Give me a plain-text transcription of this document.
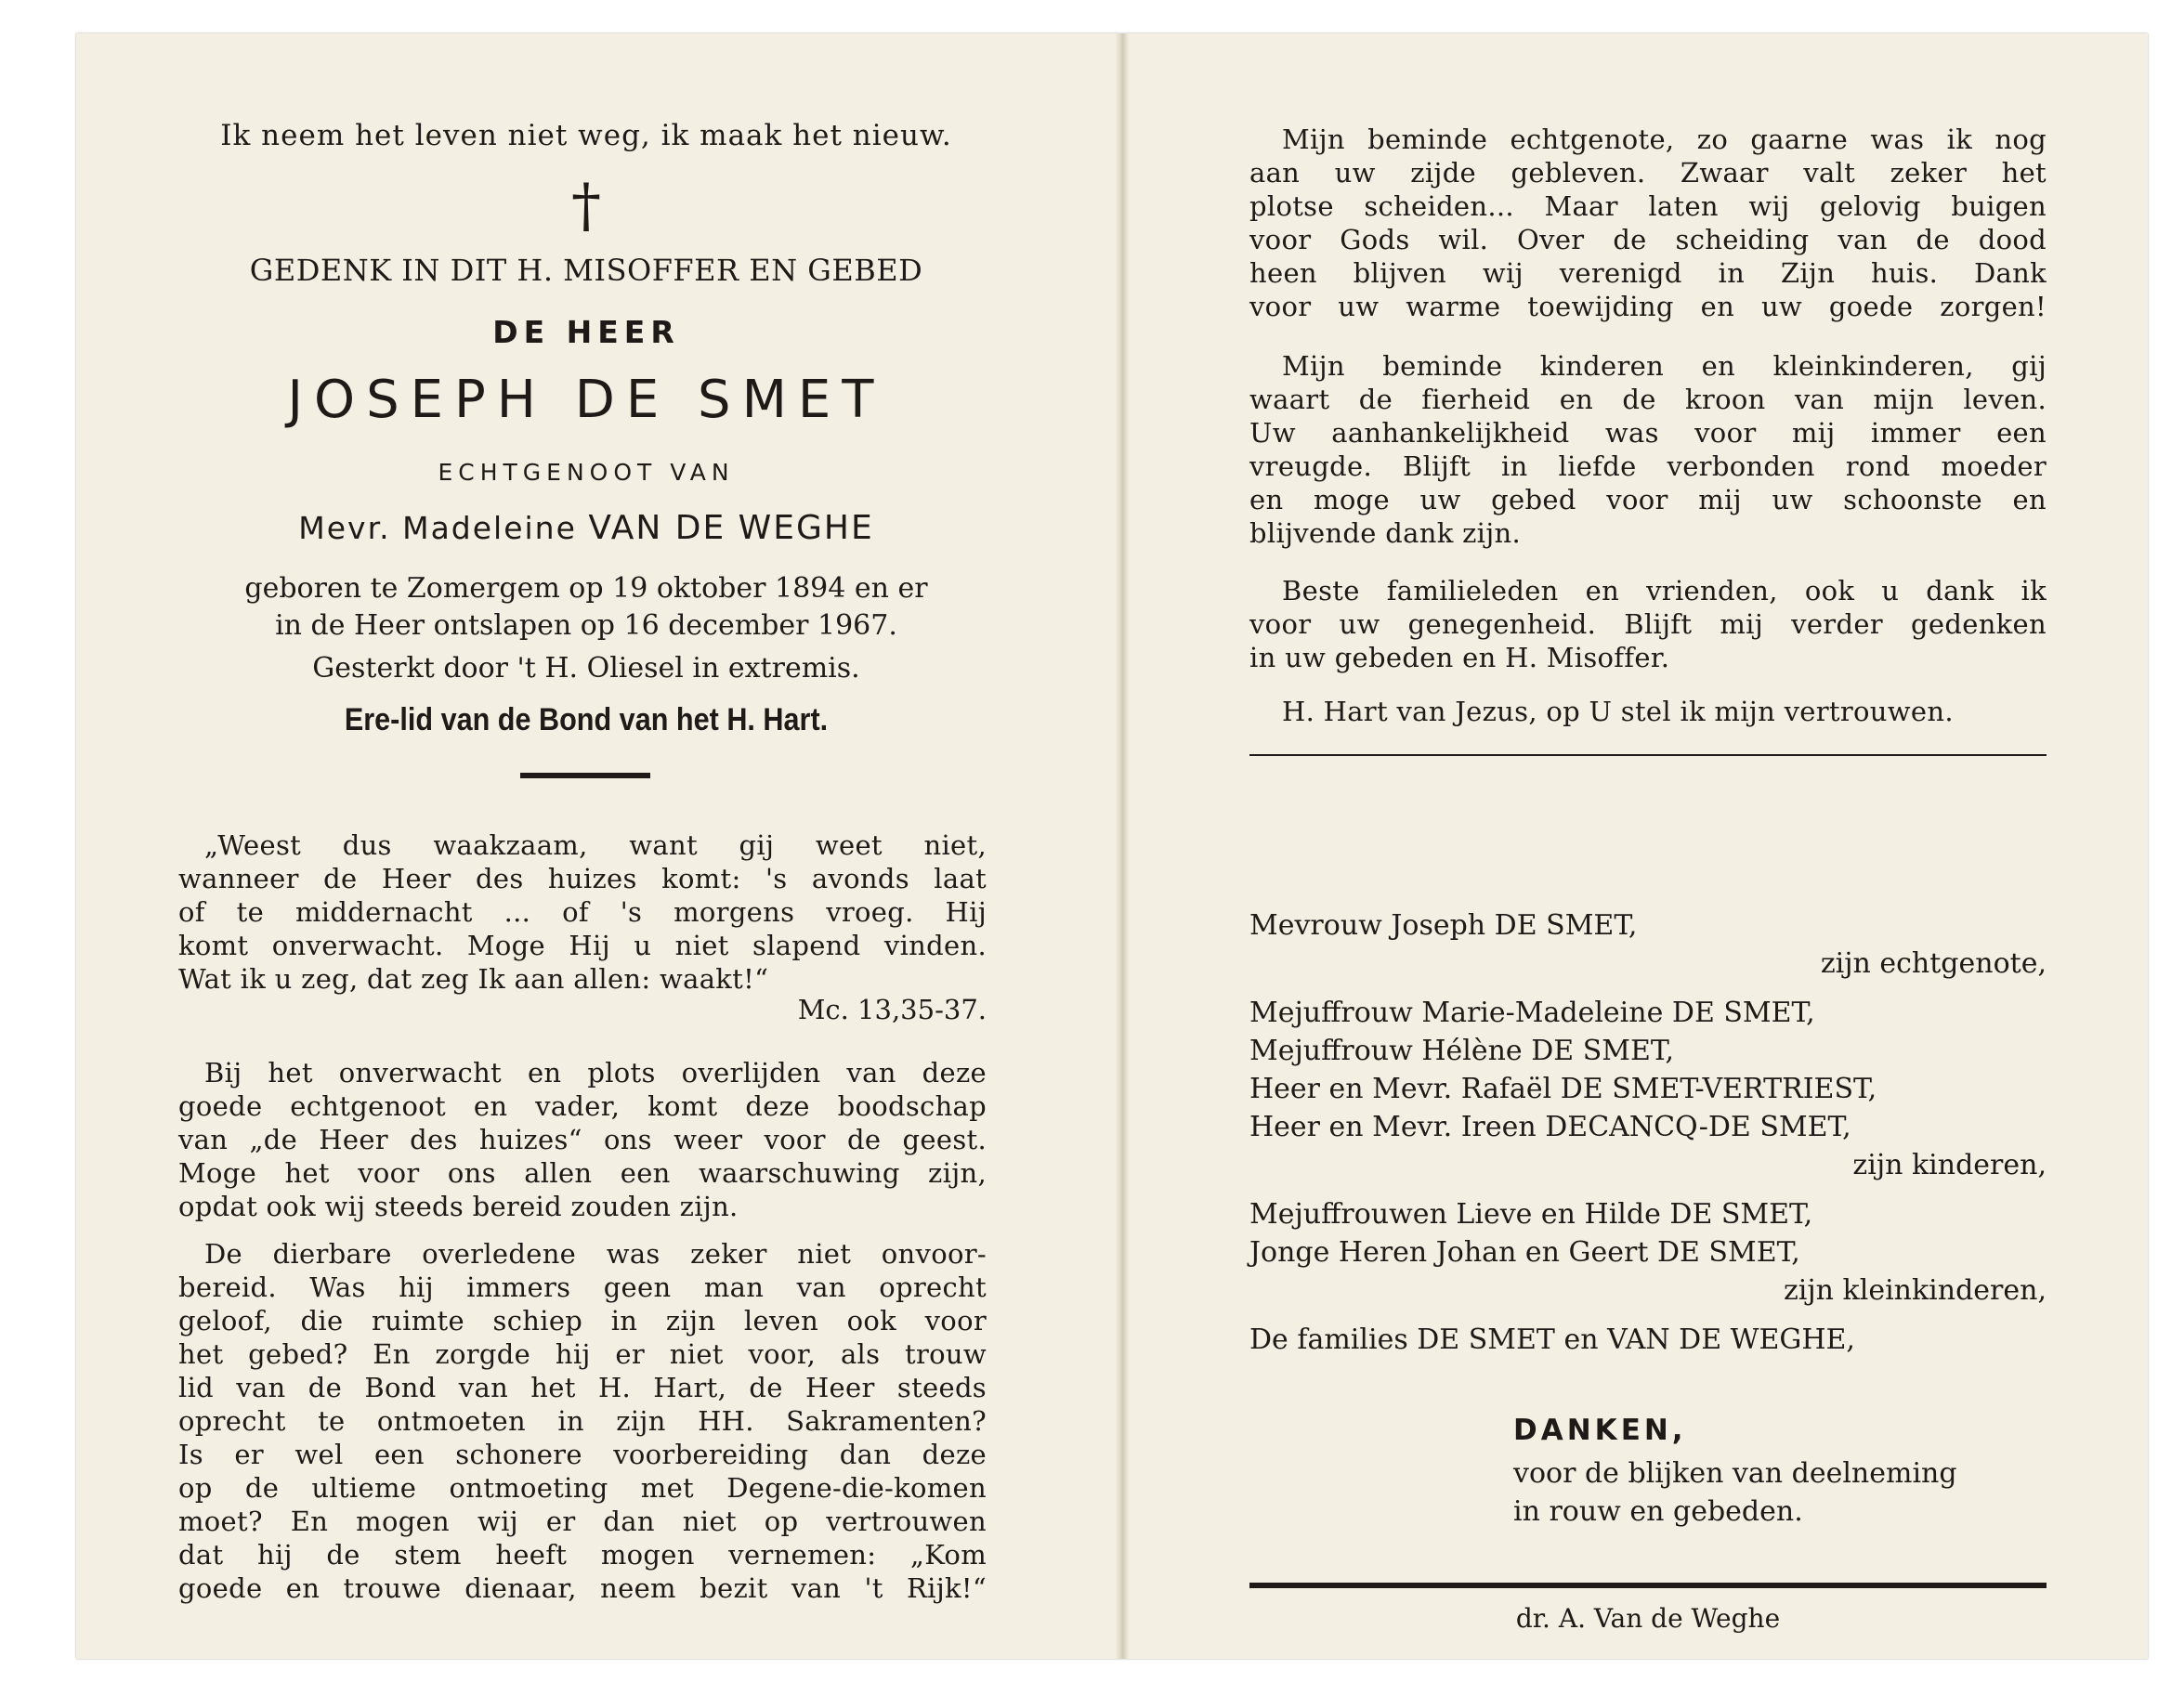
Ik neem het leven niet weg, ik maak het nieuw.
†
GEDENK IN DIT H. MISOFFER EN GEBED
DE HEER
JOSEPH DE SMET
ECHTGENOOT VAN
Mevr. Madeleine VAN DE WEGHE
geboren te Zomergem op 19 oktober 1894 en er
in de Heer ontslapen op 16 december 1967.
Gesterkt door 't H. Oliesel in extremis.
Ere-lid van de Bond van het H. Hart.
„Weest dus waakzaam, want gij weet niet,
wanneer de Heer des huizes komt: 's avonds laat
of te middernacht ... of 's morgens vroeg. Hij
komt onverwacht. Moge Hij u niet slapend vinden.
Wat ik u zeg, dat zeg Ik aan allen: waakt!“
Mc. 13,35-37.
Bij het onverwacht en plots overlijden van deze
goede echtgenoot en vader, komt deze boodschap
van „de Heer des huizes“ ons weer voor de geest.
Moge het voor ons allen een waarschuwing zijn,
opdat ook wij steeds bereid zouden zijn.
De dierbare overledene was zeker niet onvoor-
bereid. Was hij immers geen man van oprecht
geloof, die ruimte schiep in zijn leven ook voor
het gebed? En zorgde hij er niet voor, als trouw
lid van de Bond van het H. Hart, de Heer steeds
oprecht te ontmoeten in zijn HH. Sakramenten?
Is er wel een schonere voorbereiding dan deze
op de ultieme ontmoeting met Degene-die-komen
moet? En mogen wij er dan niet op vertrouwen
dat hij de stem heeft mogen vernemen: „Kom
goede en trouwe dienaar, neem bezit van 't Rijk!“
Mijn beminde echtgenote, zo gaarne was ik nog
aan uw zijde gebleven. Zwaar valt zeker het
plotse scheiden... Maar laten wij gelovig buigen
voor Gods wil. Over de scheiding van de dood
heen blijven wij verenigd in Zijn huis. Dank
voor uw warme toewijding en uw goede zorgen!
Mijn beminde kinderen en kleinkinderen, gij
waart de fierheid en de kroon van mijn leven.
Uw aanhankelijkheid was voor mij immer een
vreugde. Blijft in liefde verbonden rond moeder
en moge uw gebed voor mij uw schoonste en
blijvende dank zijn.
Beste familieleden en vrienden, ook u dank ik
voor uw genegenheid. Blijft mij verder gedenken
in uw gebeden en H. Misoffer.
H. Hart van Jezus, op U stel ik mijn vertrouwen.
Mevrouw Joseph DE SMET,
zijn echtgenote,
Mejuffrouw Marie-Madeleine DE SMET,
Mejuffrouw Hélène DE SMET,
Heer en Mevr. Rafaël DE SMET-VERTRIEST,
Heer en Mevr. Ireen DECANCQ-DE SMET,
zijn kinderen,
Mejuffrouwen Lieve en Hilde DE SMET,
Jonge Heren Johan en Geert DE SMET,
zijn kleinkinderen,
De families DE SMET en VAN DE WEGHE,
DANKEN,
voor de blijken van deelneming
in rouw en gebeden.
dr. A. Van de Weghe
